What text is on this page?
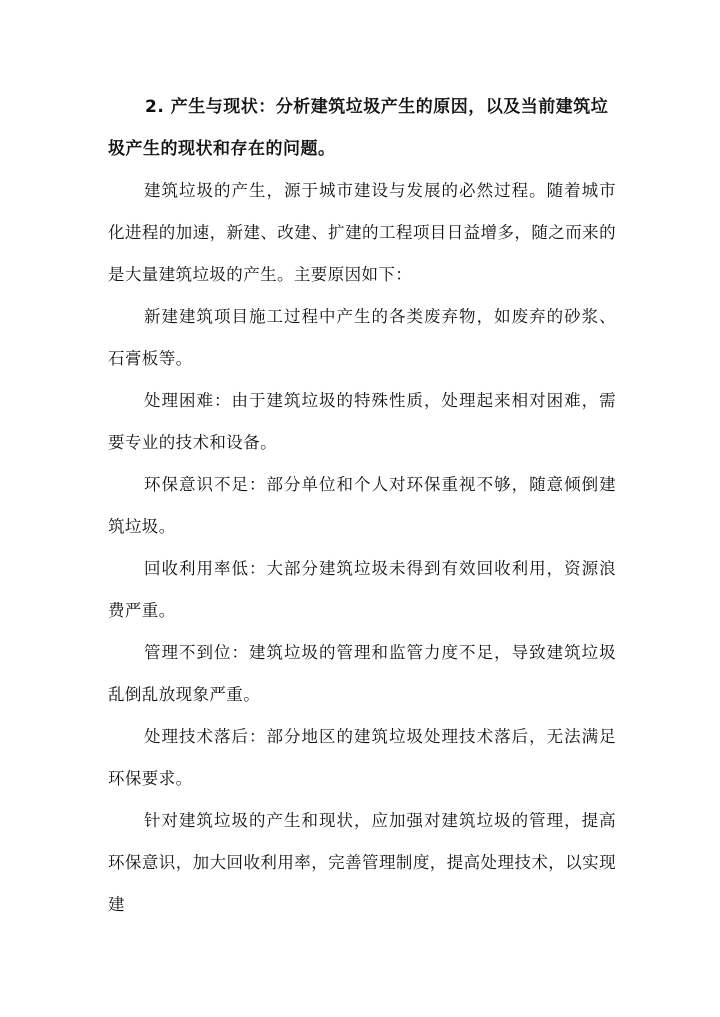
2. 产生与现状：分析建筑垃圾产生的原因，以及当前建筑垃圾产生的现状和存在的问题。

建筑垃圾的产生，源于城市建设与发展的必然过程。随着城市化进程的加速，新建、改建、扩建的工程项目日益增多，随之而来的是大量建筑垃圾的产生。主要原因如下：

新建建筑项目施工过程中产生的各类废弃物，如废弃的砂浆、石膏板等。

处理困难：由于建筑垃圾的特殊性质，处理起来相对困难，需要专业的技术和设备。

环保意识不足：部分单位和个人对环保重视不够，随意倾倒建筑垃圾。

回收利用率低：大部分建筑垃圾未得到有效回收利用，资源浪费严重。

管理不到位：建筑垃圾的管理和监管力度不足，导致建筑垃圾乱倒乱放现象严重。

处理技术落后：部分地区的建筑垃圾处理技术落后，无法满足环保要求。

针对建筑垃圾的产生和现状，应加强对建筑垃圾的管理，提高环保意识，加大回收利用率，完善管理制度，提高处理技术，以实现建
